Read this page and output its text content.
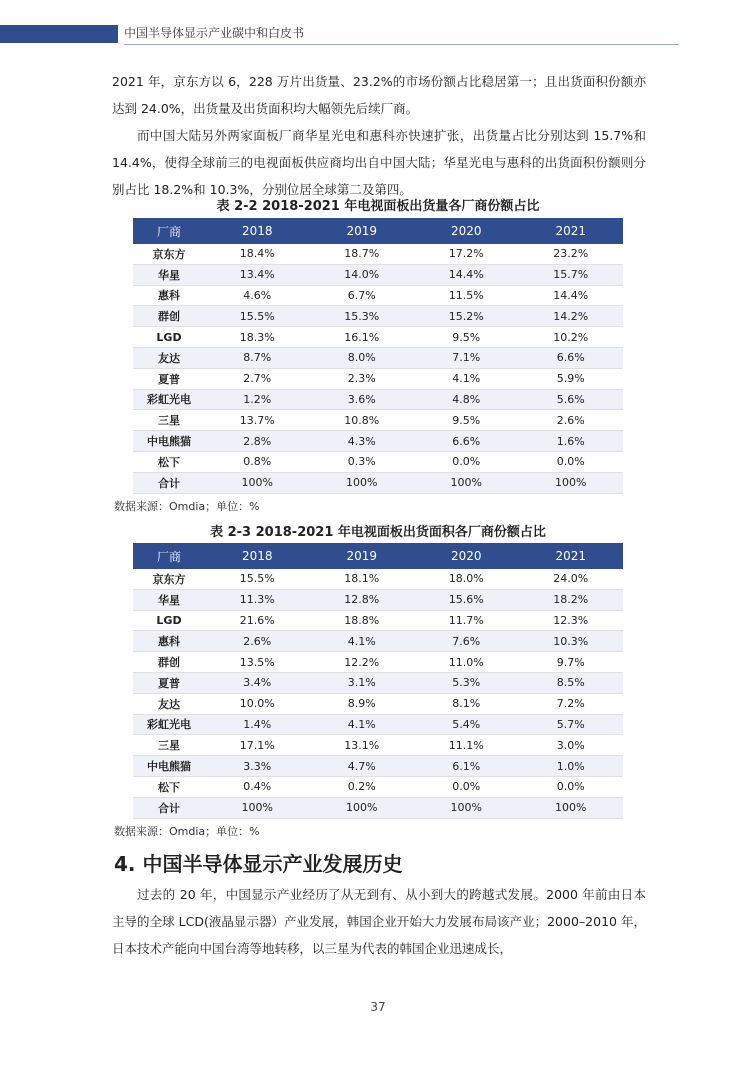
中国半导体显示产业碳中和白皮书

2021 年，京东方以 6，228 万片出货量、23.2%的市场份额占比稳居第一；且出货面积份额亦达到 24.0%，出货量及出货面积均大幅领先后续厂商。

而中国大陆另外两家面板厂商华星光电和惠科亦快速扩张，出货量占比分别达到 15.7%和 14.4%，使得全球前三的电视面板供应商均出自中国大陆；华星光电与惠科的出货面积份额则分别占比 18.2%和 10.3%，分别位居全球第二及第四。

表 2-2 2018-2021 年电视面板出货量各厂商份额占比
厂商	2018	2019	2020	2021
京东方	18.4%	18.7%	17.2%	23.2%
华星	13.4%	14.0%	14.4%	15.7%
惠科	4.6%	6.7%	11.5%	14.4%
群创	15.5%	15.3%	15.2%	14.2%
LGD	18.3%	16.1%	9.5%	10.2%
友达	8.7%	8.0%	7.1%	6.6%
夏普	2.7%	2.3%	4.1%	5.9%
彩虹光电	1.2%	3.6%	4.8%	5.6%
三星	13.7%	10.8%	9.5%	2.6%
中电熊猫	2.8%	4.3%	6.6%	1.6%
松下	0.8%	0.3%	0.0%	0.0%
合计	100%	100%	100%	100%
数据来源：Omdia；单位：%
表 2-3 2018-2021 年电视面板出货面积各厂商份额占比
厂商	2018	2019	2020	2021
京东方	15.5%	18.1%	18.0%	24.0%
华星	11.3%	12.8%	15.6%	18.2%
LGD	21.6%	18.8%	11.7%	12.3%
惠科	2.6%	4.1%	7.6%	10.3%
群创	13.5%	12.2%	11.0%	9.7%
夏普	3.4%	3.1%	5.3%	8.5%
友达	10.0%	8.9%	8.1%	7.2%
彩虹光电	1.4%	4.1%	5.4%	5.7%
三星	17.1%	13.1%	11.1%	3.0%
中电熊猫	3.3%	4.7%	6.1%	1.0%
松下	0.4%	0.2%	0.0%	0.0%
合计	100%	100%	100%	100%
数据来源：Omdia；单位：%
4. 中国半导体显示产业发展历史

过去的 20 年，中国显示产业经历了从无到有、从小到大的跨越式发展。2000 年前由日本主导的全球 LCD(液晶显示器）产业发展，韩国企业开始大力发展布局该产业；2000–2010 年，日本技术产能向中国台湾等地转移，以三星为代表的韩国企业迅速成长，

37
